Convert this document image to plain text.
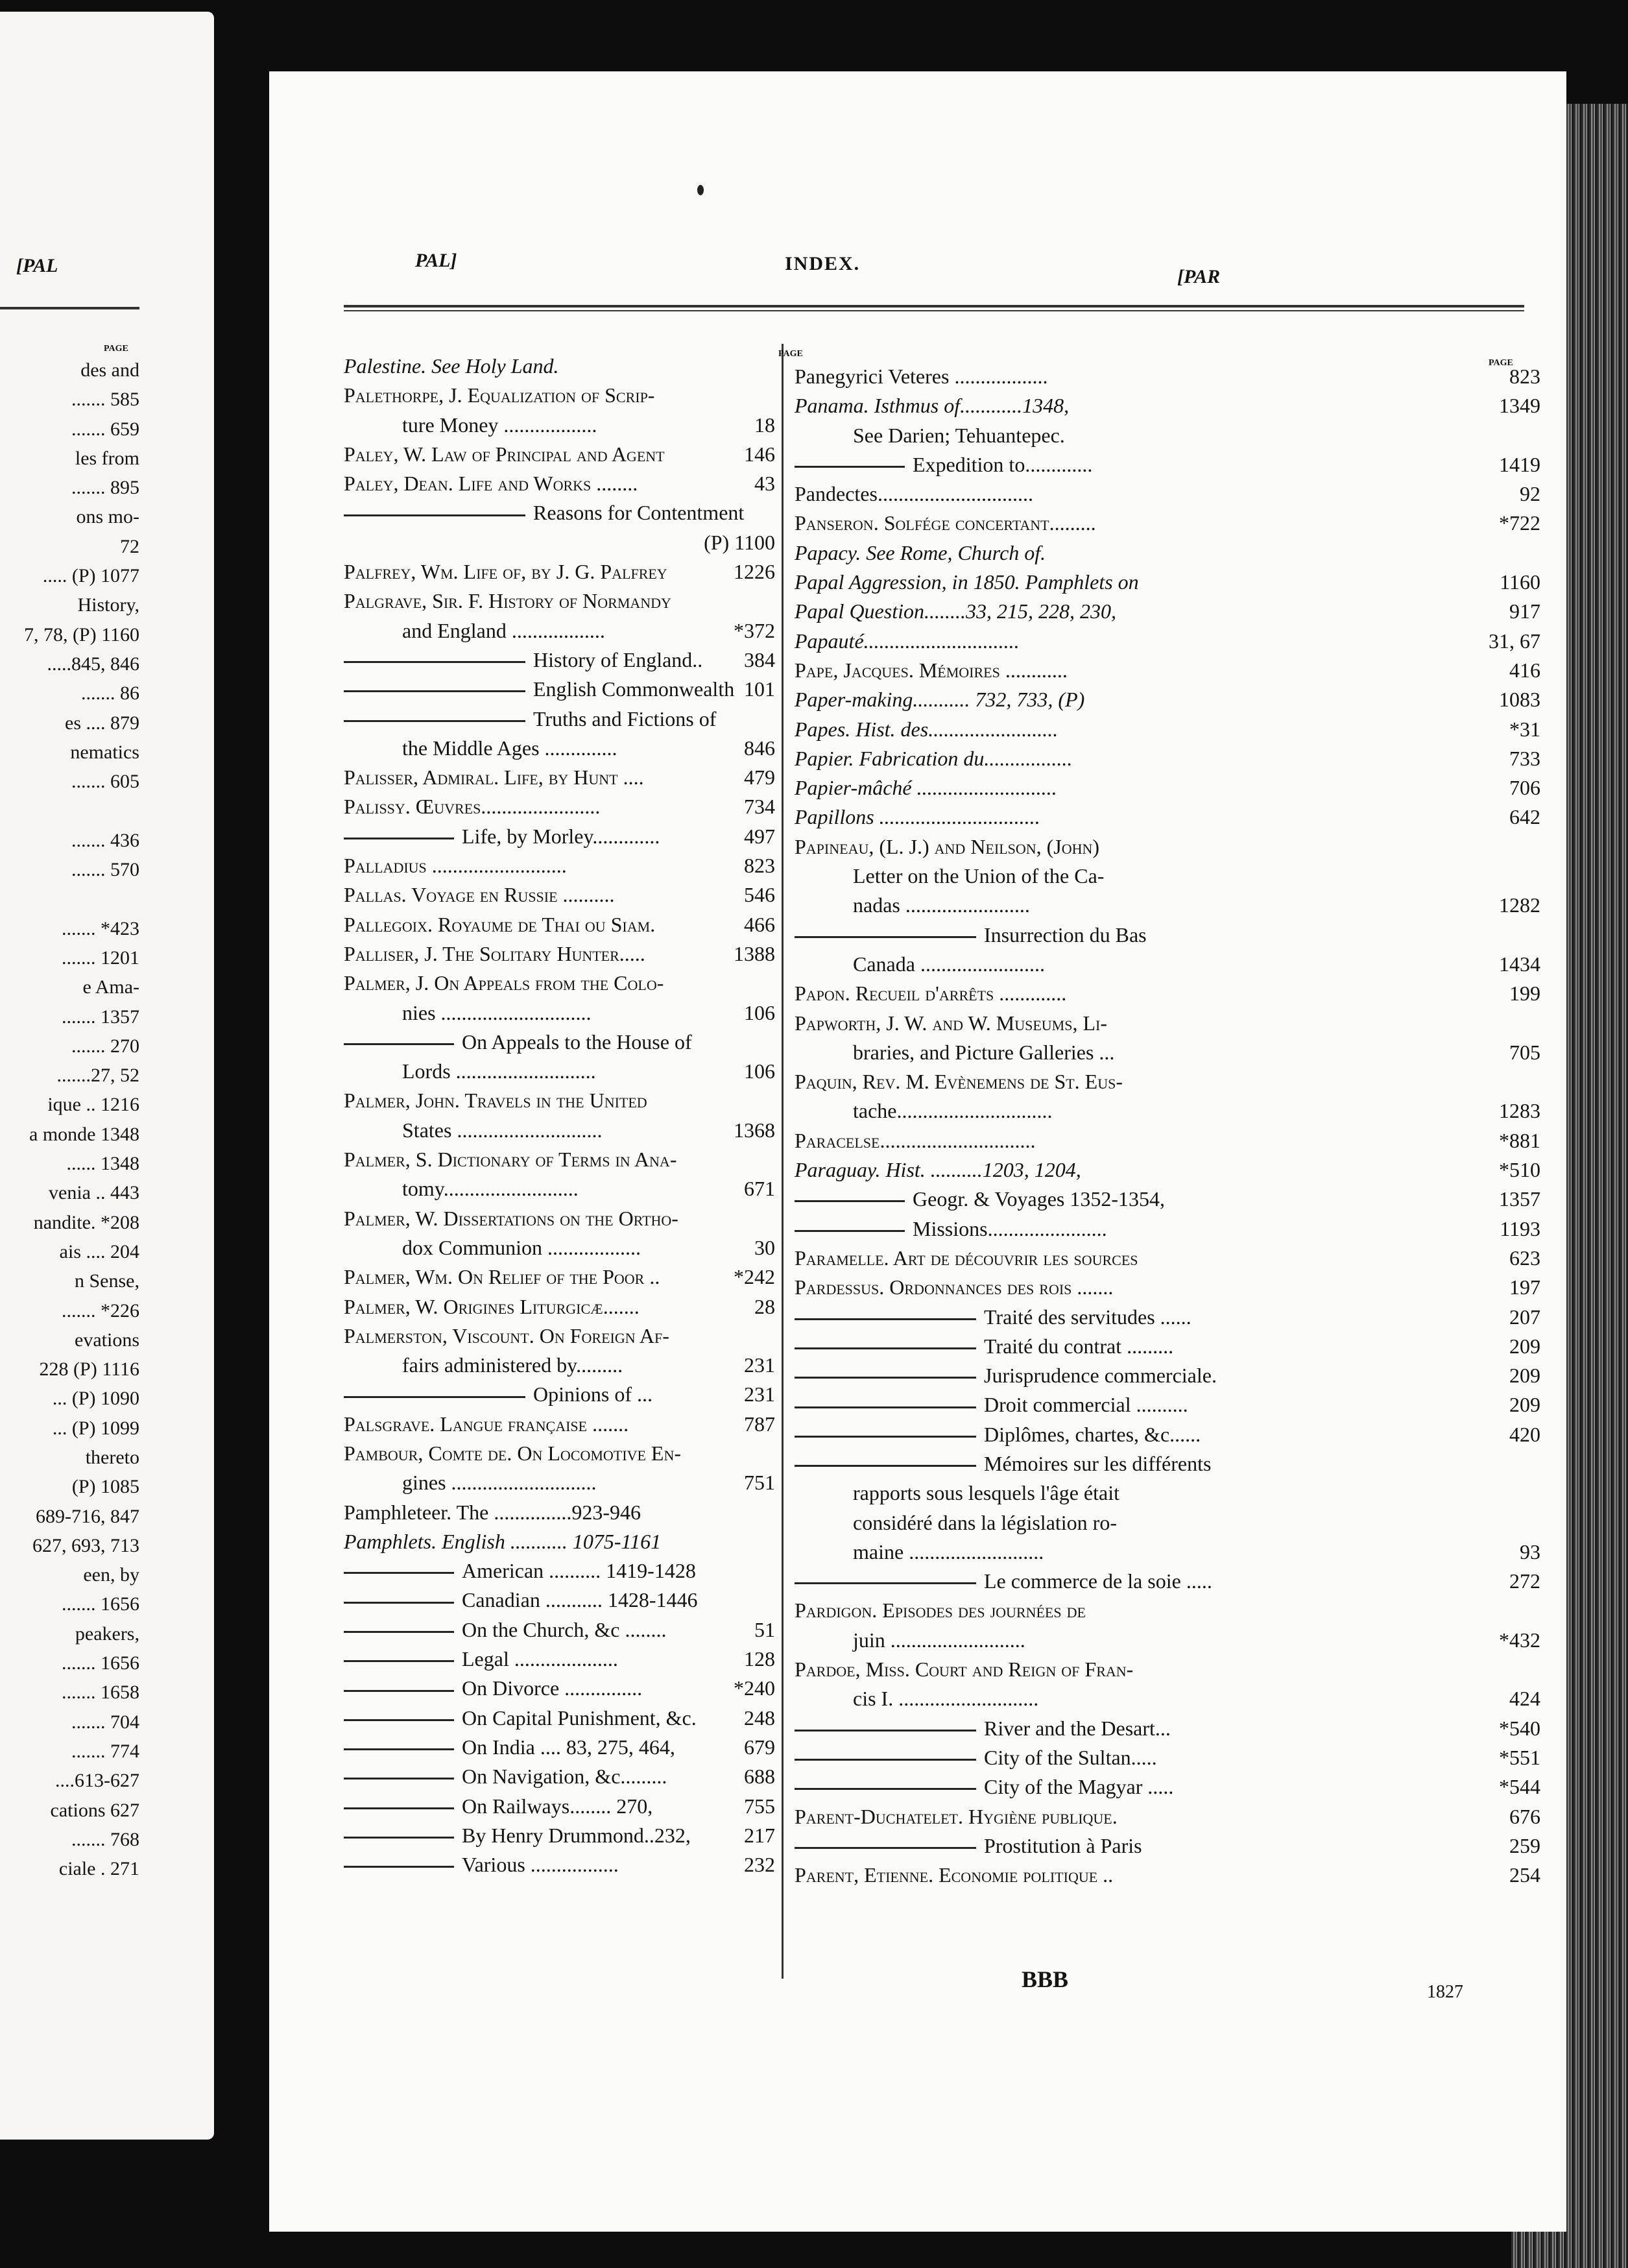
[PAL
PAGE
des and
....... 585
....... 659
les from
....... 895
ons mo-
72
..... (P) 1077
History,
7, 78, (P) 1160
.....845, 846
....... 86
es .... 879
nematics
....... 605
....... 436
....... 570
....... *423
....... 1201
e Ama-
....... 1357
....... 270
.......27, 52
ique .. 1216
a monde 1348
...... 1348
venia .. 443
nandite. *208
ais .... 204
n Sense,
....... *226
evations
228 (P) 1116
... (P) 1090
... (P) 1099
thereto
(P) 1085
689-716, 847
627, 693, 713
een, by
....... 1656
peakers,
....... 1656
....... 1658
....... 704
....... 774
....613-627
cations 627
....... 768
ciale . 271
PAL]	INDEX.
[PAR
PAGE
PAGE
Palestine. See Holy Land.
Palethorpe, J. Equalization of Scrip-
ture Money ..................	18
Paley, W. Law of Principal and Agent	146
Paley, Dean. Life and Works ........	43
Reasons for Contentment
(P) 1100
Palfrey, Wm. Life of, by J. G. Palfrey	1226
Palgrave, Sir. F. History of Normandy
and England ..................	*372
History of England.. 384
English Commonwealth 101
Truths and Fictions of
the Middle Ages ..............	846
Palisser, Admiral. Life, by Hunt ....	479
Palissy. Œuvres.......................	734
Life, by Morley.............	497
Palladius ..........................	823
Pallas. Voyage en Russie ..........	546
Pallegoix. Royaume de Thai ou Siam.	466
Palliser, J. The Solitary Hunter.....	1388
Palmer, J. On Appeals from the Colo-
nies .............................	106
On Appeals to the House of
Lords ...........................	106
Palmer, John. Travels in the United
States ............................	1368
Palmer, S. Dictionary of Terms in Ana-
tomy..........................	671
Palmer, W. Dissertations on the Ortho-
dox Communion ..................	30
Palmer, Wm. On Relief of the Poor ..	*242
Palmer, W. Origines Liturgicæ.......	28
Palmerston, Viscount. On Foreign Af-
fairs administered by.........	231
Opinions of ...	231
Palsgrave. Langue française .......	787
Pambour, Comte de. On Locomotive En-
gines ............................	751
Pamphleteer. The ...............923-946
Pamphlets. English ........... 1075-1161
American .......... 1419-1428
Canadian ........... 1428-1446
On the Church, &c ........	51
Legal ....................	128
On Divorce ...............	*240
On Capital Punishment, &c. 248
On India .... 83, 275, 464,	679
On Navigation, &c.........	688
On Railways........ 270,	755
By Henry Drummond..232,	217
Various .................	232
Panegyrici Veteres ..................	823
Panama. Isthmus of............1348,	1349
See Darien; Tehuantepec.
Expedition to.............	1419
Pandectes..............................	92
Panseron. Solfége concertant.........	*722
Papacy. See Rome, Church of.
Papal Aggression, in 1850. Pamphlets on	1160
Papal Question........33, 215, 228, 230,	917
Papauté..............................	31, 67
Pape, Jacques. Mémoires ............	416
Paper-making........... 732, 733, (P)	1083
Papes. Hist. des.........................	*31
Papier. Fabrication du.................	733
Papier-mâché ...........................	706
Papillons ...............................	642
Papineau, (L. J.) and Neilson, (John)
Letter on the Union of the Ca-
nadas ........................	1282
Insurrection du Bas
Canada ........................	1434
Papon. Recueil d'arrêts .............	199
Papworth, J. W. and W. Museums, Li-
braries, and Picture Galleries ...	705
Paquin, Rev. M. Evènemens de St. Eus-
tache..............................	1283
Paracelse..............................	*881
Paraguay. Hist. ..........1203, 1204,	*510
Geogr. & Voyages 1352-1354,	1357
Missions.......................	1193
Paramelle. Art de découvrir les sources	623
Pardessus. Ordonnances des rois .......	197
Traité des servitudes ......	207
Traité du contrat .........	209
Jurisprudence commerciale.	209
Droit commercial ..........	209
Diplômes, chartes, &c......	420
Mémoires sur les différents
rapports sous lesquels l'âge était
considéré dans la législation ro-
maine ..........................	93
Le commerce de la soie .....	272
Pardigon. Episodes des journées de
juin ..........................	*432
Pardoe, Miss. Court and Reign of Fran-
cis I. ...........................	424
River and the Desart...	*540
City of the Sultan.....	*551
City of the Magyar .....	*544
Parent-Duchatelet. Hygiène publique.	676
Prostitution à Paris	259
Parent, Etienne. Economie politique ..	254
BBB	1827
